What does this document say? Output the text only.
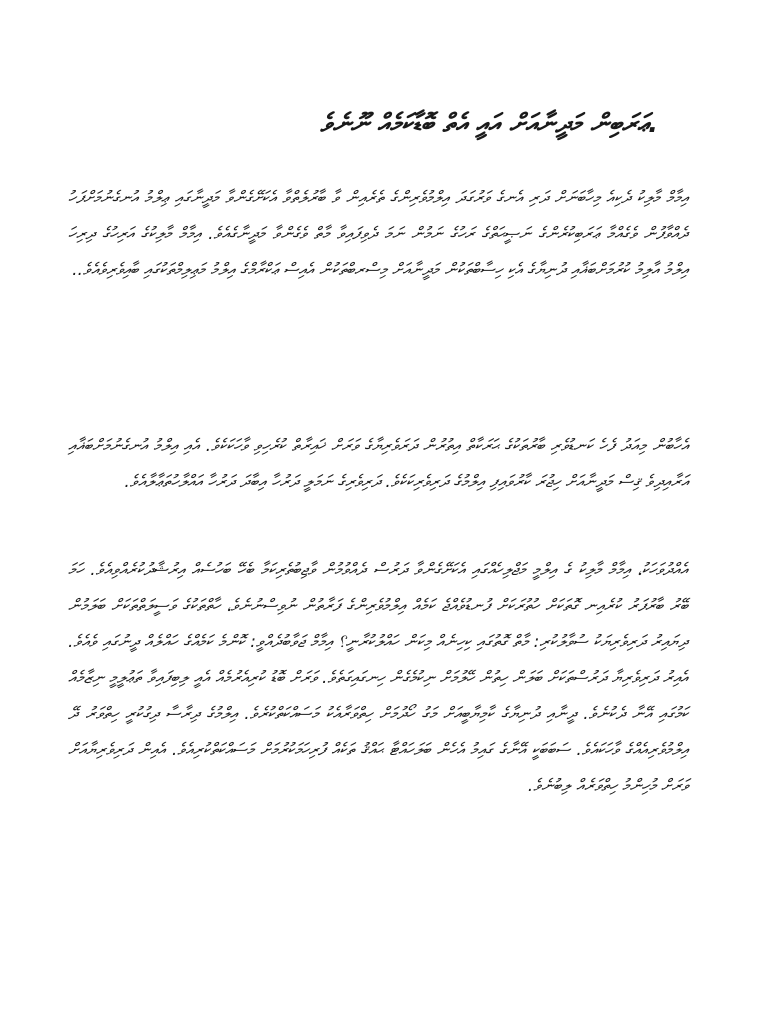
.ޢަރަބިން މަދީނާއަށް އައީ އެތް ބޮޑާކަމެއް ނޫނެވެ

އިމާމް މާލިކު ދެކިއެ މިހާބަނަށް ދަރި އެނގެ ވަރުގަދަ އިލްމުވެރިންގެ ތެރެއިން ވާ ބާރުލެތްވާ އެކަށޭގެންވާ މަދީނާގައި ޢިލްމު އުނގެނުމަށްފަހު ދެއްވާފުން ވެގެއްމާ ޢަރަބިކުރެންގެ ނަޞީޙަތްގެ ރަހުގެ ނަމުން ނަމަ ދެވިފައިވާ މާތް ވެގެންވާ މަދީނާގެއެވެ. އިމާމް މާލިކުގެ އަރިހުގެ ދިރިހަ އިލްމު އާލިމު ކުރުމަށްބަޣާއި ދުނިޔާގެ އެކި ހިސާބްތަކުން މަދީނާއަށް މިސްރބްތަކުން އެއިސް ޢަކްރާމްގެ އިލްމު މަޢިލިމްތަކުގައި ބާއިވެރިވެއެވެ..

އެހާބުން މިއަދު ފެހެ ކަނޑުވެރި ބާރުތަކުގެ ޙަރަކާތް އިތުރުން ދަރަވެރިޔާގެ ވަރަށް ޚައިރާތް ކުރެހިވި ވާހަކަކެވެ. އެއި އިލްމު އުނގެނުމަށްބަޣާއި އަރާއިދިވެ ޤިސް މަދީނާއަށް ހިޖުރަ ކާރުވައިފި އިލްމުގެ ދަރިވެރިކަކެވެ. ދަރިވެރިގެ ނަމަލީ ދަރުހާ އިބާދަ ދަރުހާ އައްލާހުތަޢާލާއެވެ.

އެއްދުވަހަކު، އިމާމް މާލިކު ގެ އިލްމީ މަޖްލިހެއްގައި އެކަށޭގެންވާ ދަރުސް ދެއްވުމުން ވާޖިބުތެރިކަމާ ބެހޭ ބަހުސެއް އިރުޝާދުކުރެއްވިއެވެ. ހަމަ ބޭރު ބާރުފަރު ކުރެއިނ ގޮތަކަށް ހުތުރަކަށް ފުނޑުވެއްޖެ ކަމެއް އިލްމުވެރިންގެ ފަރާތުން ނުވިސްނުނެވެ، ހާތްތަކުގެ ވަސީލަތްތަކަށް ބަލަމުން ދިޔައިރު ދަރިވެރިޔަކު ސުވާލުކުރި: މާތް ގޮތުގައި ކިހިނެއް މިކަން ހައްލުކުރާނީ؟ އިމާމް ޖަވާބުދެއްވީ: ކޮންމެ ކަމެއްގެ ހައްލެއް ދީނުގައި ވެއެވެ. އެއިރު ދަރިވެރިޔާ ދަރުސްތަކަށް ބަލަން ހިތުން ހޭލުމަށް ނިކުމެގެން ހިނގައިގަތެވެ. ވަރަށް ބޮޑު ކުރިއެރުމެއް އެއީ ލިބިފައިވާ ތަޢުލީމީ ނިޒާމެއް ކަމުގައި އޭނާ ދެކުނެވެ. ދީނާއި ދުނިޔާގެ ކާމިޔާބީއަށް މަގު ހޯދުމަށް ހިތްވަރާއެކު މަސައްކަތްކުރެވެ. އިލްމުގެ ދިރާސާ ދިގުކުރީ ހިތްވަރު ދޭ އިލްމުވެރިއެއްގެ ވާހަކައެވެ. ސަބަބަކީ އޭނާގެ ގައިމު އެހެން ބަލަހައްޓާ ޙައްޤު ތަކެއް ފުރިހަމަކުރުމަށް މަސައްކަތްކުރިއެވެ. އެއިން ދަރިވެރިޔާއަށް ވަރަށް މުހިންމު ހިތްވަރެއް ލިބުނެވެ.
